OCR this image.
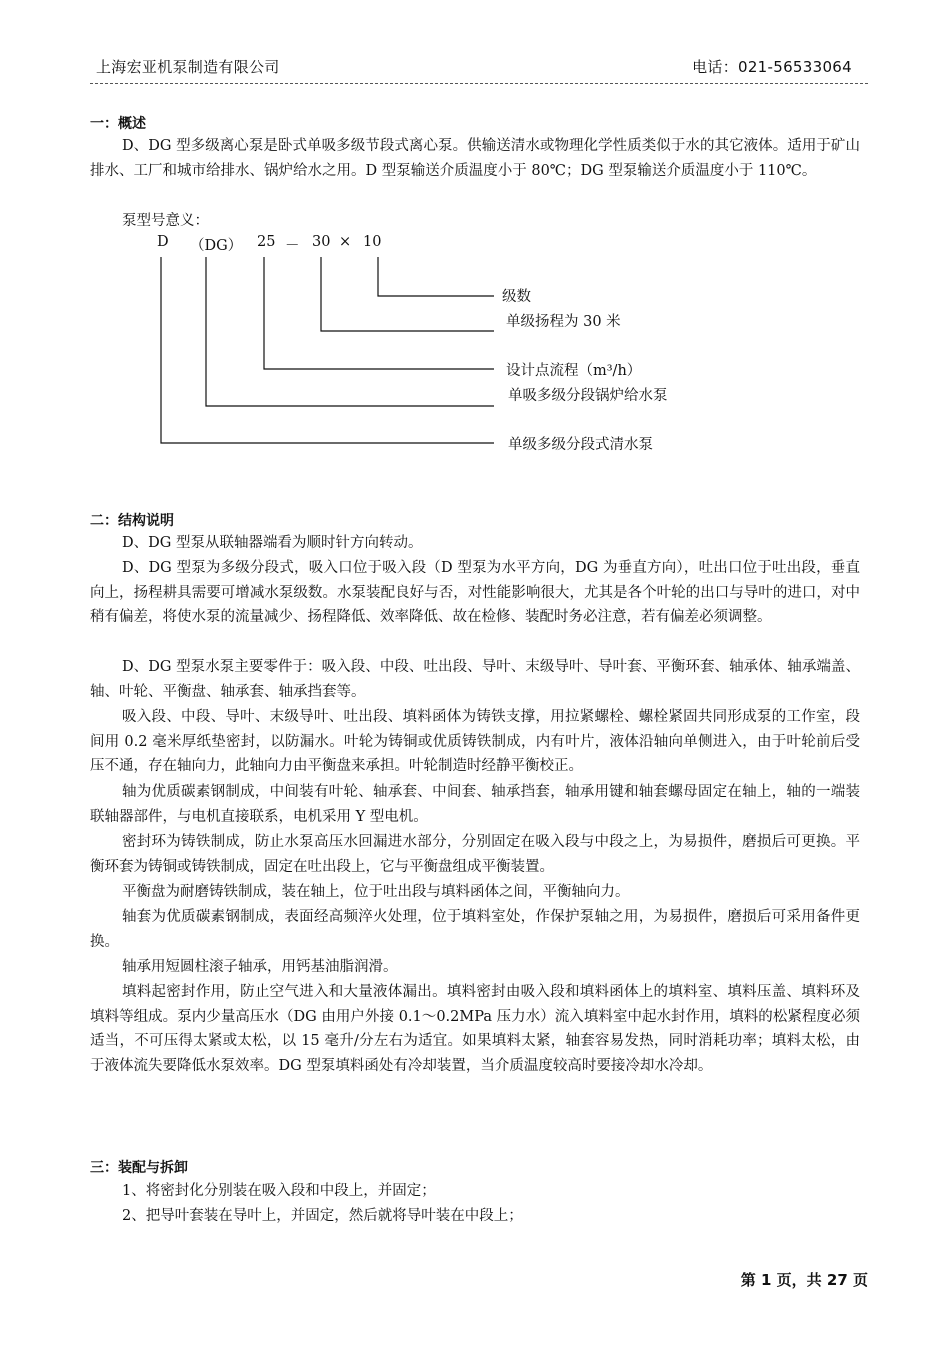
上海宏亚机泵制造有限公司	电话：021-56533064
一：概述

D、DG 型多级离心泵是卧式单吸多级节段式离心泵。供输送清水或物理化学性质类似于水的其它液体。适用于矿山排水、工厂和城市给排水、锅炉给水之用。D 型泵输送介质温度小于 80℃；DG 型泵输送介质温度小于 110℃。

泵型号意义：
D （DG） 25 － 30 × 10
级数
单级扬程为 30 米
设计点流程（m³/h）
单吸多级分段锅炉给水泵
单级多级分段式清水泵
二：结构说明

D、DG 型泵从联轴器端看为顺时针方向转动。

D、DG 型泵为多级分段式，吸入口位于吸入段（D 型泵为水平方向，DG 为垂直方向），吐出口位于吐出段，垂直向上，扬程耕具需要可增减水泵级数。水泵装配良好与否，对性能影响很大，尤其是各个叶轮的出口与导叶的进口，对中稍有偏差，将使水泵的流量减少、扬程降低、效率降低、故在检修、装配时务必注意，若有偏差必须调整。

D、DG 型泵水泵主要零件于：吸入段、中段、吐出段、导叶、末级导叶、导叶套、平衡环套、轴承体、轴承端盖、轴、叶轮、平衡盘、轴承套、轴承挡套等。

吸入段、中段、导叶、末级导叶、吐出段、填料函体为铸铁支撑，用拉紧螺栓、螺栓紧固共同形成泵的工作室，段间用 0.2 毫米厚纸垫密封，以防漏水。叶轮为铸铜或优质铸铁制成，内有叶片，液体沿轴向单侧进入，由于叶轮前后受压不通，存在轴向力，此轴向力由平衡盘来承担。叶轮制造时经静平衡校正。

轴为优质碳素钢制成，中间装有叶轮、轴承套、中间套、轴承挡套，轴承用键和轴套螺母固定在轴上，轴的一端装联轴器部件，与电机直接联系，电机采用 Y 型电机。

密封环为铸铁制成，防止水泵高压水回漏进水部分，分别固定在吸入段与中段之上，为易损件，磨损后可更换。平衡环套为铸铜或铸铁制成，固定在吐出段上，它与平衡盘组成平衡装置。

平衡盘为耐磨铸铁制成，装在轴上，位于吐出段与填料函体之间，平衡轴向力。

轴套为优质碳素钢制成，表面经高频淬火处理，位于填料室处，作保护泵轴之用，为易损件，磨损后可采用备件更换。

轴承用短圆柱滚子轴承，用钙基油脂润滑。

填料起密封作用，防止空气进入和大量液体漏出。填料密封由吸入段和填料函体上的填料室、填料压盖、填料环及填料等组成。泵内少量高压水（DG 由用户外接 0.1～0.2MPa 压力水）流入填料室中起水封作用，填料的松紧程度必须适当，不可压得太紧或太松，以 15 毫升/分左右为适宜。如果填料太紧，轴套容易发热，同时消耗功率；填料太松，由于液体流失要降低水泵效率。DG 型泵填料函处有冷却装置，当介质温度较高时要接冷却水冷却。

三：装配与拆卸
1、将密封化分别装在吸入段和中段上，并固定；
2、把导叶套装在导叶上，并固定，然后就将导叶装在中段上；
第 1 页，共 27 页
